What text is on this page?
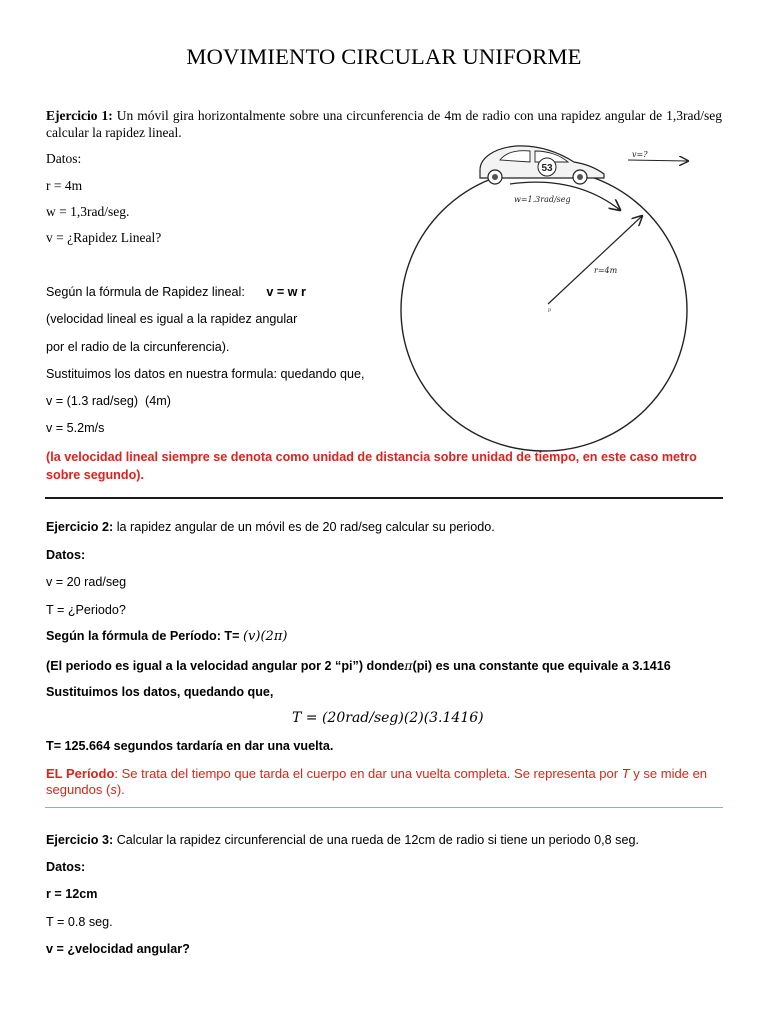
MOVIMIENTO CIRCULAR UNIFORME
Ejercicio 1: Un móvil gira horizontalmente sobre una circunferencia de 4m de radio con una rapidez angular de 1,3rad/seg calcular la rapidez lineal.
Datos:
r = 4m
w = 1,3rad/seg.
v = ¿Rapidez Lineal?
Según la fórmula de Rapidez lineal: v = w r
(velocidad lineal es igual a la rapidez angular
por el radio de la circunferencia).
Sustituimos los datos en nuestra formula: quedando que,
v = (1.3 rad/seg)  (4m)
v = 5.2m/s
(la velocidad lineal siempre se denota como unidad de distancia sobre unidad de tiempo, en este caso metro sobre segundo).
53
v=?
w=1.3rad/seg
r=4m
p
Ejercicio 2: la rapidez angular de un móvil es de 20 rad/seg calcular su periodo.
Datos:
v = 20 rad/seg
T = ¿Periodo?
Según la fórmula de Período: T= (v)(2π)
(El periodo es igual a la velocidad angular por 2 “pi”) dondeπ(pi) es una constante que equivale a 3.1416
Sustituimos los datos, quedando que,
T = (20rad/seg)(2)(3.1416)
T= 125.664 segundos tardaría en dar una vuelta.
EL Período: Se trata del tiempo que tarda el cuerpo en dar una vuelta completa. Se representa por T y se mide en segundos (s).
Ejercicio 3: Calcular la rapidez circunferencial de una rueda de 12cm de radio si tiene un periodo 0,8 seg.
Datos:
r = 12cm
T = 0.8 seg.
v = ¿velocidad angular?
